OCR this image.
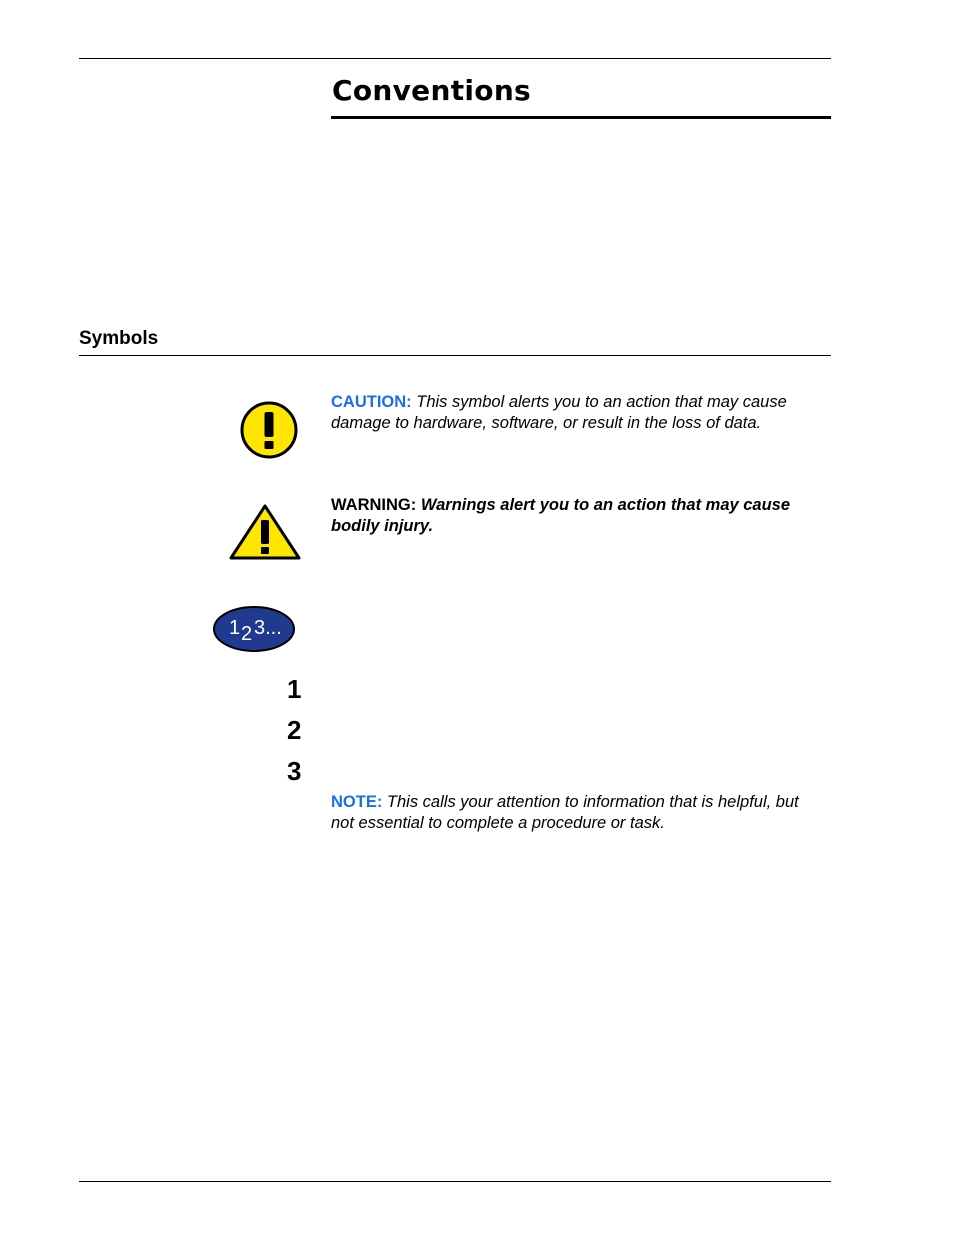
Conventions
Symbols

CAUTION: This symbol alerts you to an action that may cause damage to hardware, software, or result in the loss of data.

WARNING: Warnings alert you to an action that may cause bodily injury.

1 2 3...

1

2

3

NOTE: This calls your attention to information that is helpful, but not essential to complete a procedure or task.
